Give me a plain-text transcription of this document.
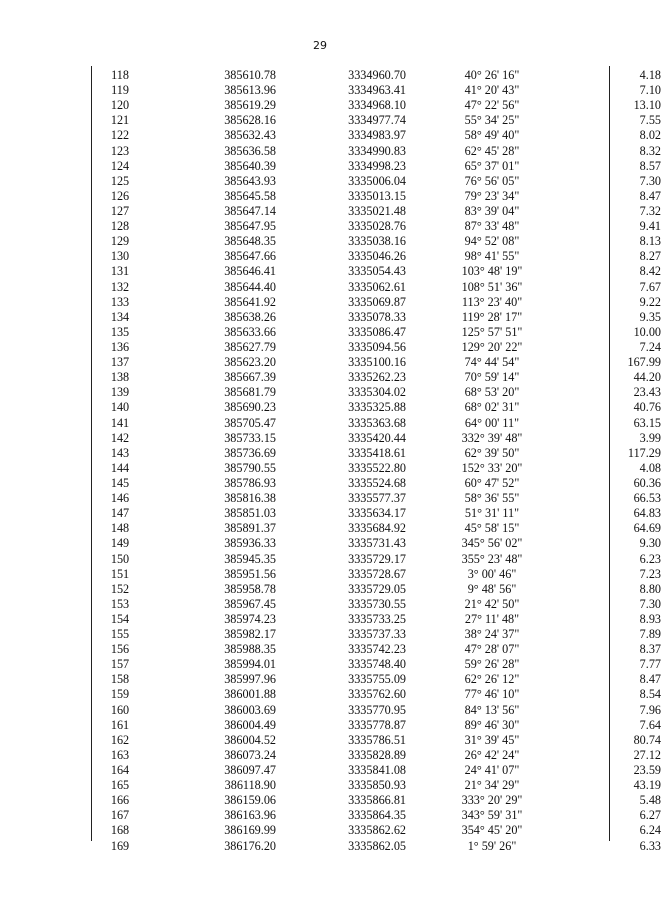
29
118	385610.78	3334960.70	40° 26' 16"	4.18
119	385613.96	3334963.41	41° 20' 43"	7.10
120	385619.29	3334968.10	47° 22' 56"	13.10
121	385628.16	3334977.74	55° 34' 25"	7.55
122	385632.43	3334983.97	58° 49' 40"	8.02
123	385636.58	3334990.83	62° 45' 28"	8.32
124	385640.39	3334998.23	65° 37' 01"	8.57
125	385643.93	3335006.04	76° 56' 05"	7.30
126	385645.58	3335013.15	79° 23' 34"	8.47
127	385647.14	3335021.48	83° 39' 04"	7.32
128	385647.95	3335028.76	87° 33' 48"	9.41
129	385648.35	3335038.16	94° 52' 08"	8.13
130	385647.66	3335046.26	98° 41' 55"	8.27
131	385646.41	3335054.43	103° 48' 19"	8.42
132	385644.40	3335062.61	108° 51' 36"	7.67
133	385641.92	3335069.87	113° 23' 40"	9.22
134	385638.26	3335078.33	119° 28' 17"	9.35
135	385633.66	3335086.47	125° 57' 51"	10.00
136	385627.79	3335094.56	129° 20' 22"	7.24
137	385623.20	3335100.16	74° 44' 54"	167.99
138	385667.39	3335262.23	70° 59' 14"	44.20
139	385681.79	3335304.02	68° 53' 20"	23.43
140	385690.23	3335325.88	68° 02' 31"	40.76
141	385705.47	3335363.68	64° 00' 11"	63.15
142	385733.15	3335420.44	332° 39' 48"	3.99
143	385736.69	3335418.61	62° 39' 50"	117.29
144	385790.55	3335522.80	152° 33' 20"	4.08
145	385786.93	3335524.68	60° 47' 52"	60.36
146	385816.38	3335577.37	58° 36' 55"	66.53
147	385851.03	3335634.17	51° 31' 11"	64.83
148	385891.37	3335684.92	45° 58' 15"	64.69
149	385936.33	3335731.43	345° 56' 02"	9.30
150	385945.35	3335729.17	355° 23' 48"	6.23
151	385951.56	3335728.67	3° 00' 46"	7.23
152	385958.78	3335729.05	9° 48' 56"	8.80
153	385967.45	3335730.55	21° 42' 50"	7.30
154	385974.23	3335733.25	27° 11' 48"	8.93
155	385982.17	3335737.33	38° 24' 37"	7.89
156	385988.35	3335742.23	47° 28' 07"	8.37
157	385994.01	3335748.40	59° 26' 28"	7.77
158	385997.96	3335755.09	62° 26' 12"	8.47
159	386001.88	3335762.60	77° 46' 10"	8.54
160	386003.69	3335770.95	84° 13' 56"	7.96
161	386004.49	3335778.87	89° 46' 30"	7.64
162	386004.52	3335786.51	31° 39' 45"	80.74
163	386073.24	3335828.89	26° 42' 24"	27.12
164	386097.47	3335841.08	24° 41' 07"	23.59
165	386118.90	3335850.93	21° 34' 29"	43.19
166	386159.06	3335866.81	333° 20' 29"	5.48
167	386163.96	3335864.35	343° 59' 31"	6.27
168	386169.99	3335862.62	354° 45' 20"	6.24
169	386176.20	3335862.05	1° 59' 26"	6.33
